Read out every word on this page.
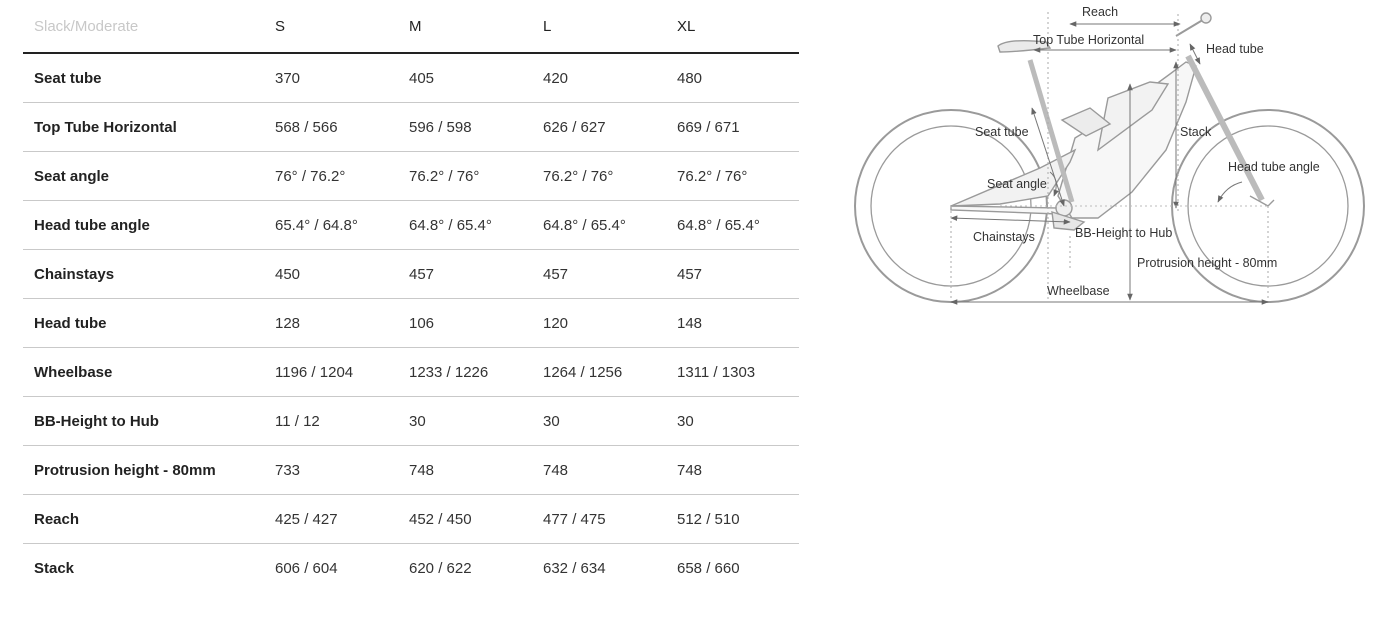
Slack/Moderate	S	M	L	XL
Seat tube	370	405	420	480
Top Tube Horizontal	568 / 566	596 / 598	626 / 627	669 / 671
Seat angle	76° / 76.2°	76.2° / 76°	76.2° / 76°	76.2° / 76°
Head tube angle	65.4° / 64.8°	64.8° / 65.4°	64.8° / 65.4°	64.8° / 65.4°
Chainstays	450	457	457	457
Head tube	128	106	120	148
Wheelbase	1196 / 1204	1233 / 1226	1264 / 1256	1311 / 1303
BB-Height to Hub	11 / 12	30	30	30
Protrusion height - 80mm	733	748	748	748
Reach	425 / 427	452 / 450	477 / 475	512 / 510
Stack	606 / 604	620 / 622	632 / 634	658 / 660
Reach
Top Tube Horizontal
Head tube
Seat tube	Stack
Head tube angle
Seat angle
Chainstays	BB-Height to Hub
Protrusion height - 80mm
Wheelbase
